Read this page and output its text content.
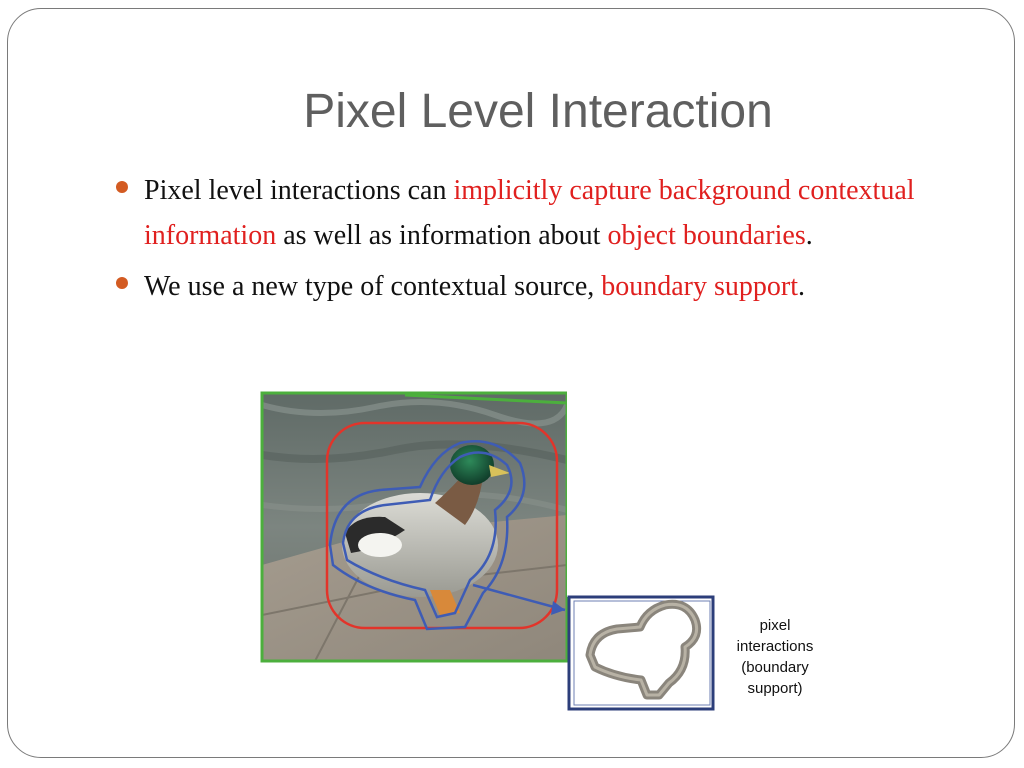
Pixel Level Interaction
Pixel level interactions can implicitly capture background contextual information as well as information about object boundaries.
We use a new type of contextual source, boundary support.
pixel
interactions
(boundary
support)
